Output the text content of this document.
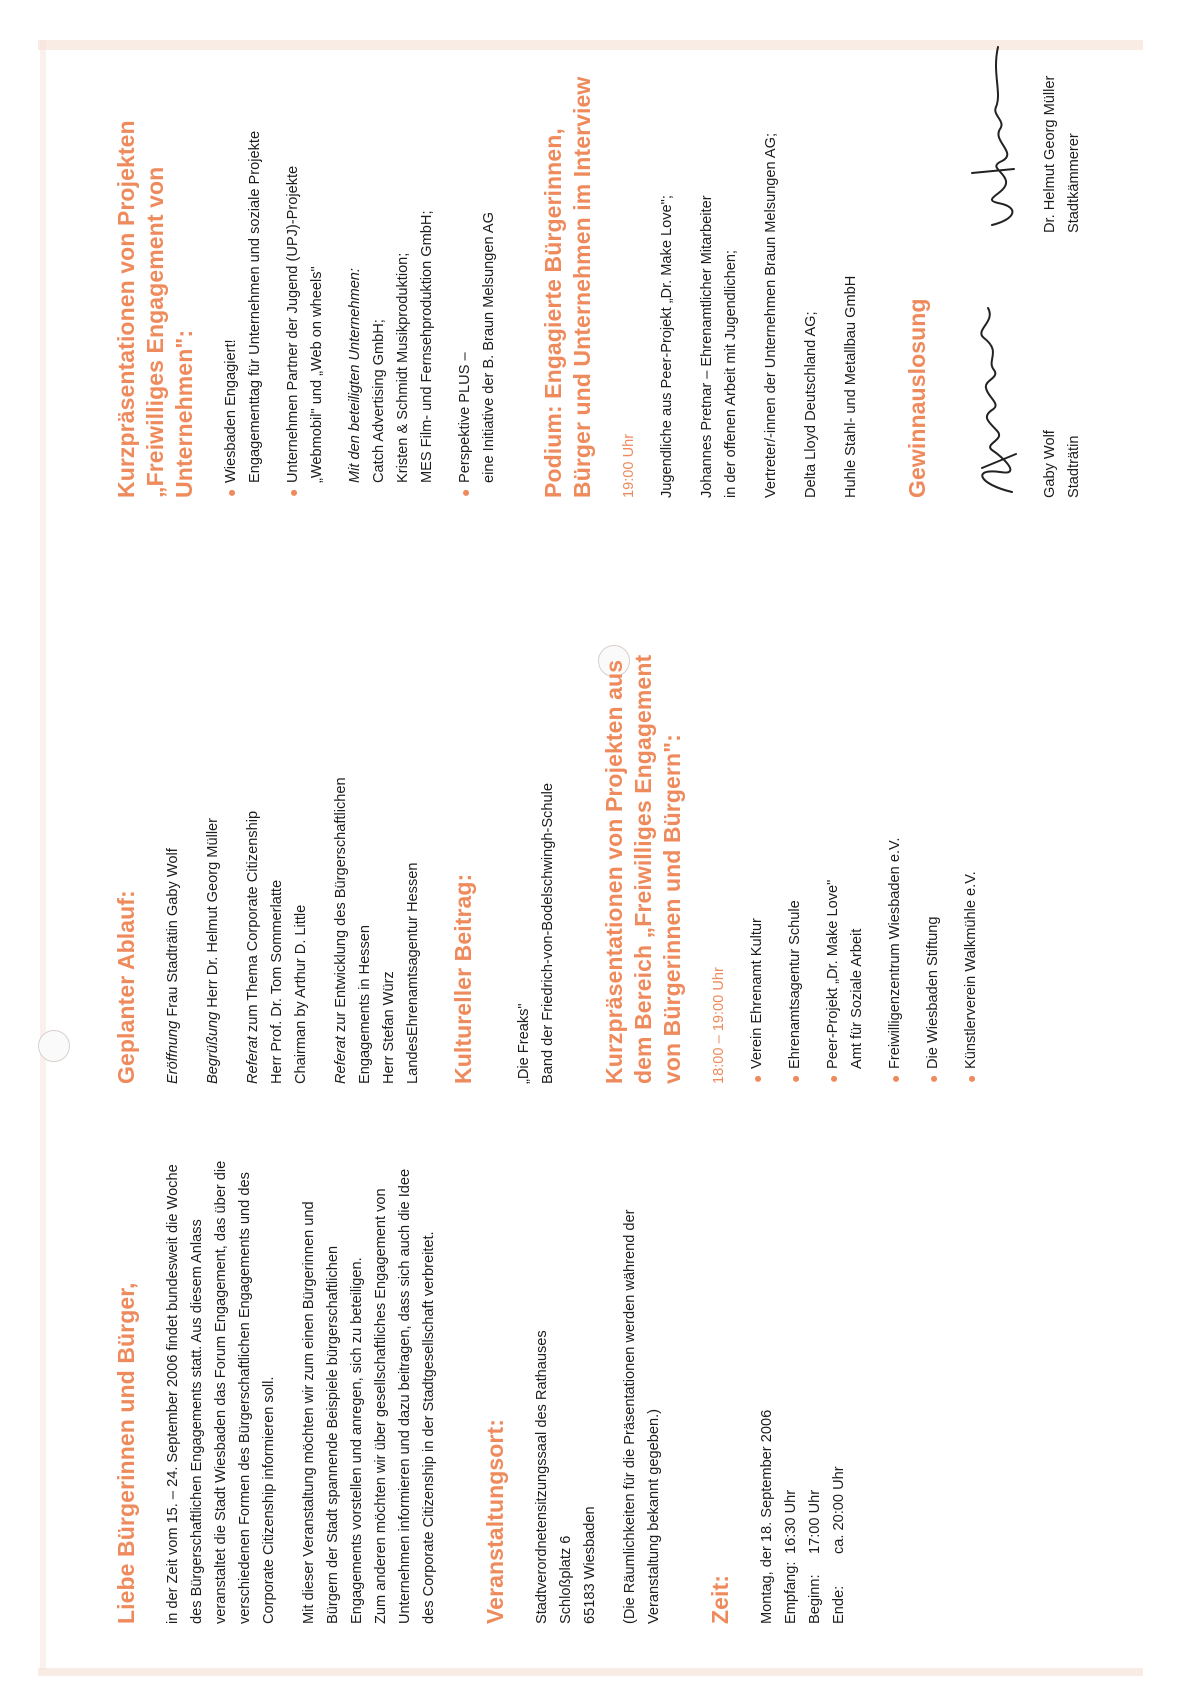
Liebe Bürgerinnen und Bürger, in der Zeit vom 15. – 24. September 2006 findet bundesweit die Woche des Bürgerschaftlichen Engagements statt. Aus diesem Anlass veranstaltet die Stadt Wiesbaden das Forum Engagement, das über die verschiedenen Formen des Bürgerschaftlichen Engagements und des Corporate Citizenship informieren soll. Mit dieser Veranstaltung möchten wir zum einen Bürgerinnen und Bürgern der Stadt spannende Beispiele bürgerschaftlichen Engagements vorstellen und anregen, sich zu beteiligen. Zum anderen möchten wir über gesellschaftliches Engagement von Unternehmen informieren und dazu beitragen, dass sich auch die Idee des Corporate Citizenship in der Stadtgesellschaft verbreitet. Veranstaltungsort: Stadtverordnetensitzungssaal des Rathauses Schloßplatz 6 65183 Wiesbaden (Die Räumlichkeiten für die Präsentationen werden während der Veranstaltung bekannt gegeben.) Zeit: Montag, der 18. September 2006 Empfang:
16:30 Uhr
Beginn:
17:00 Uhr
Ende:
ca. 20:00 Uhr
Geplanter Ablauf: Eröffnung Frau Stadträtin Gaby Wolf

Begrüßung Herr Dr. Helmut Georg Müller

Referat zum Thema Corporate Citizenship Herr Prof. Dr. Tom Sommerlatte Chairman by Arthur D. Little Referat zur Entwicklung des Bürgerschaftlichen Engagements in Hessen Herr Stefan Würz LandesEhrenamtsagentur Hessen Kultureller Beitrag:	„Die Freaks" Band der Friedrich-von-Bodelschwingh-Schule Kurzpräsentationen von Projekten aus dem Bereich „Freiwilliges Engagement von Bürgerinnen und Bürgern": 18:00 – 19:00 Uhr ●
Verein Ehrenamt Kultur
●
Ehrenamtsagentur Schule
●
Peer-Projekt „Dr. Make Love" Amt für Soziale Arbeit
●
Freiwilligenzentrum Wiesbaden e.V.
●
Die Wiesbaden Stiftung
●
Künstlerverein Walkmühle e.V.
Kurzpräsentationen von Projekten „Freiwilliges Engagement von Unternehmen": ●
Wiesbaden Engagiert! Engagementtag für Unternehmen und soziale Projekte
●
Unternehmen Partner der Jugend (UPJ)-Projekte „Webmobil" und „Web on wheels" Mit den beteiligten Unternehmen: Catch Advertising GmbH; Kristen & Schmidt Musikproduktion; MES Film- und Fernsehproduktion GmbH;
●
Perspektive PLUS – eine Initiative der B. Braun Melsungen AG Podium: Engagierte Bürgerinnen, Bürger und Unternehmen im Interview 19:00 Uhr Jugendliche aus Peer-Projekt „Dr. Make Love"; Johannes Pretnar – Ehrenamtlicher Mitarbeiter in der offenen Arbeit mit Jugendlichen; Vertreter/-innen der Unternehmen Braun Melsungen AG; Delta Lloyd Deutschland AG; Huhle Stahl- und Metallbau GmbH Gewinnauslosung	Gaby Wolf Stadträtin
Dr. Helmut Georg Müller Stadtkämmerer
